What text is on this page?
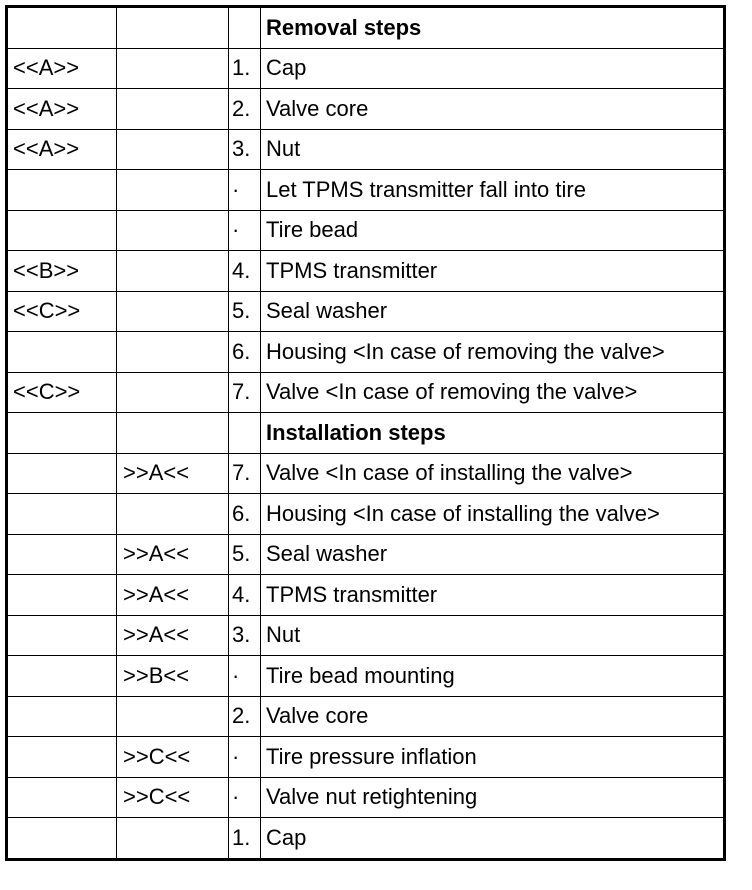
			Removal steps
<<A>>		1.	Cap
<<A>>		2.	Valve core
<<A>>		3.	Nut
		·	Let TPMS transmitter fall into tire
		·	Tire bead
<<B>>		4.	TPMS transmitter
<<C>>		5.	Seal washer
		6.	Housing <In case of removing the valve>
<<C>>		7.	Valve <In case of removing the valve>
			Installation steps
	>>A<<	7.	Valve <In case of installing the valve>
		6.	Housing <In case of installing the valve>
	>>A<<	5.	Seal washer
	>>A<<	4.	TPMS transmitter
	>>A<<	3.	Nut
	>>B<<	·	Tire bead mounting
		2.	Valve core
	>>C<<	·	Tire pressure inflation
	>>C<<	·	Valve nut retightening
		1.	Cap
